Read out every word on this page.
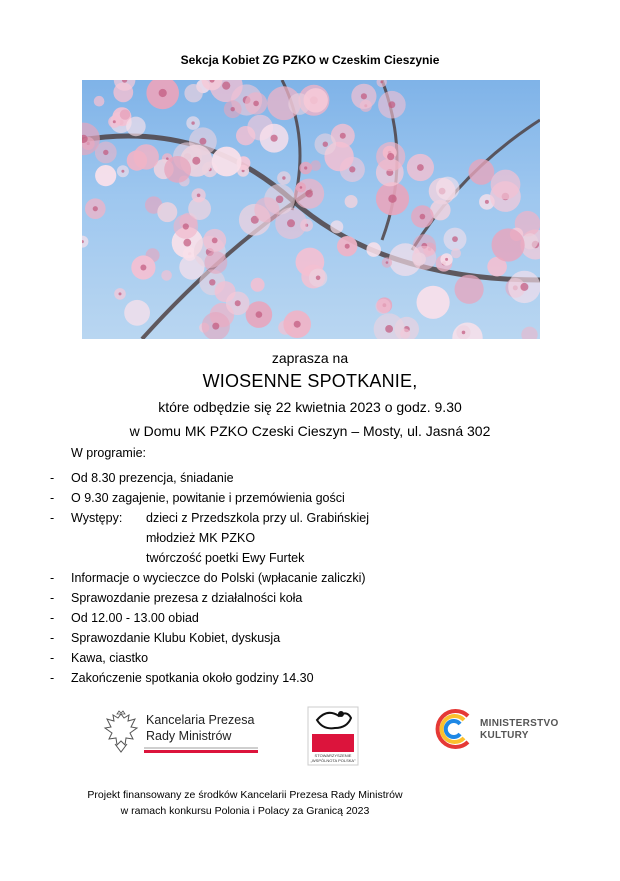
Sekcja Kobiet ZG PZKO w Czeskim Cieszynie
zaprasza na
WIOSENNE SPOTKANIE,
które odbędzie się 22 kwietnia 2023 o godz. 9.30
w Domu MK PZKO Czeski Cieszyn – Mosty, ul. Jasná 302
W programie:
-	Od 8.30 prezencja, śniadanie
-	O 9.30 zagajenie, powitanie i przemówienia gości
-	Występy: dzieci z Przedszkola przy ul. Grabińskiej
młodzież MK PZKO
twórczość poetki Ewy Furtek
-	Informacje o wycieczce do Polski (wpłacanie zaliczki)
-	Sprawozdanie prezesa z działalności koła
-	Od 12.00 - 13.00 obiad
-	Sprawozdanie Klubu Kobiet, dyskusja
-	Kawa, ciastko
-	Zakończenie spotkania około godziny 14.30
Kancelaria Prezesa
Rady Ministrów
STOWARZYSZENIE
„WSPÓLNOTA POLSKA”
MINISTERSTVO
KULTURY
Projekt finansowany ze środków Kancelarii Prezesa Rady Ministrów
w ramach konkursu Polonia i Polacy za Granicą 2023
